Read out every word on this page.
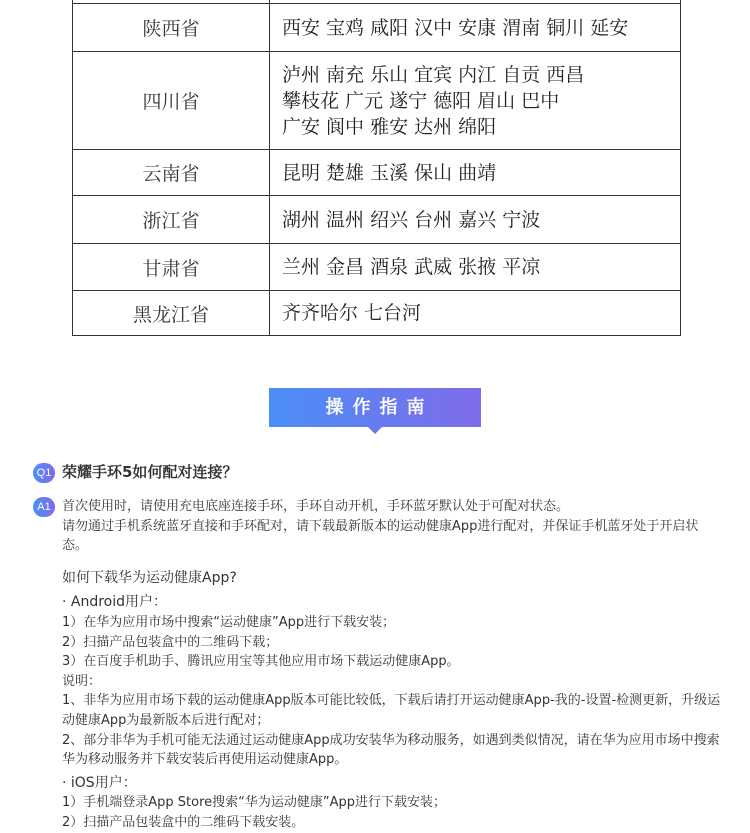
陕西省	西安 宝鸡 咸阳 汉中 安康 渭南 铜川 延安

四川省	泸州 南充 乐山 宜宾 内江 自贡 西昌
攀枝花 广元 遂宁 德阳 眉山 巴中
广安 阆中 雅安 达州 绵阳

云南省	昆明 楚雄 玉溪 保山 曲靖

浙江省	湖州 温州 绍兴 台州 嘉兴 宁波

甘肃省	兰州 金昌 酒泉 武威 张掖 平凉

黑龙江省	齐齐哈尔 七台河
操作指南
Q1 荣耀手环5如何配对连接？
A1 首次使用时，请使用充电底座连接手环，手环自动开机，手环蓝牙默认处于可配对状态。

请勿通过手机系统蓝牙直接和手环配对，请下载最新版本的运动健康App进行配对，并保证手机蓝牙处于开启状态。

如何下载华为运动健康App?

· Android用户：

1）在华为应用市场中搜索“运动健康”App进行下载安装；

2）扫描产品包装盒中的二维码下载；

3）在百度手机助手、腾讯应用宝等其他应用市场下载运动健康App。

说明：

1、非华为应用市场下载的运动健康App版本可能比较低，下载后请打开运动健康App-我的-设置-检测更新，升级运动健康App为最新版本后进行配对；

2、部分非华为手机可能无法通过运动健康App成功安装华为移动服务，如遇到类似情况，请在华为应用市场中搜索华为移动服务并下载安装后再使用运动健康App。

· iOS用户：

1）手机端登录App Store搜索“华为运动健康”App进行下载安装；

2）扫描产品包装盒中的二维码下载安装。
